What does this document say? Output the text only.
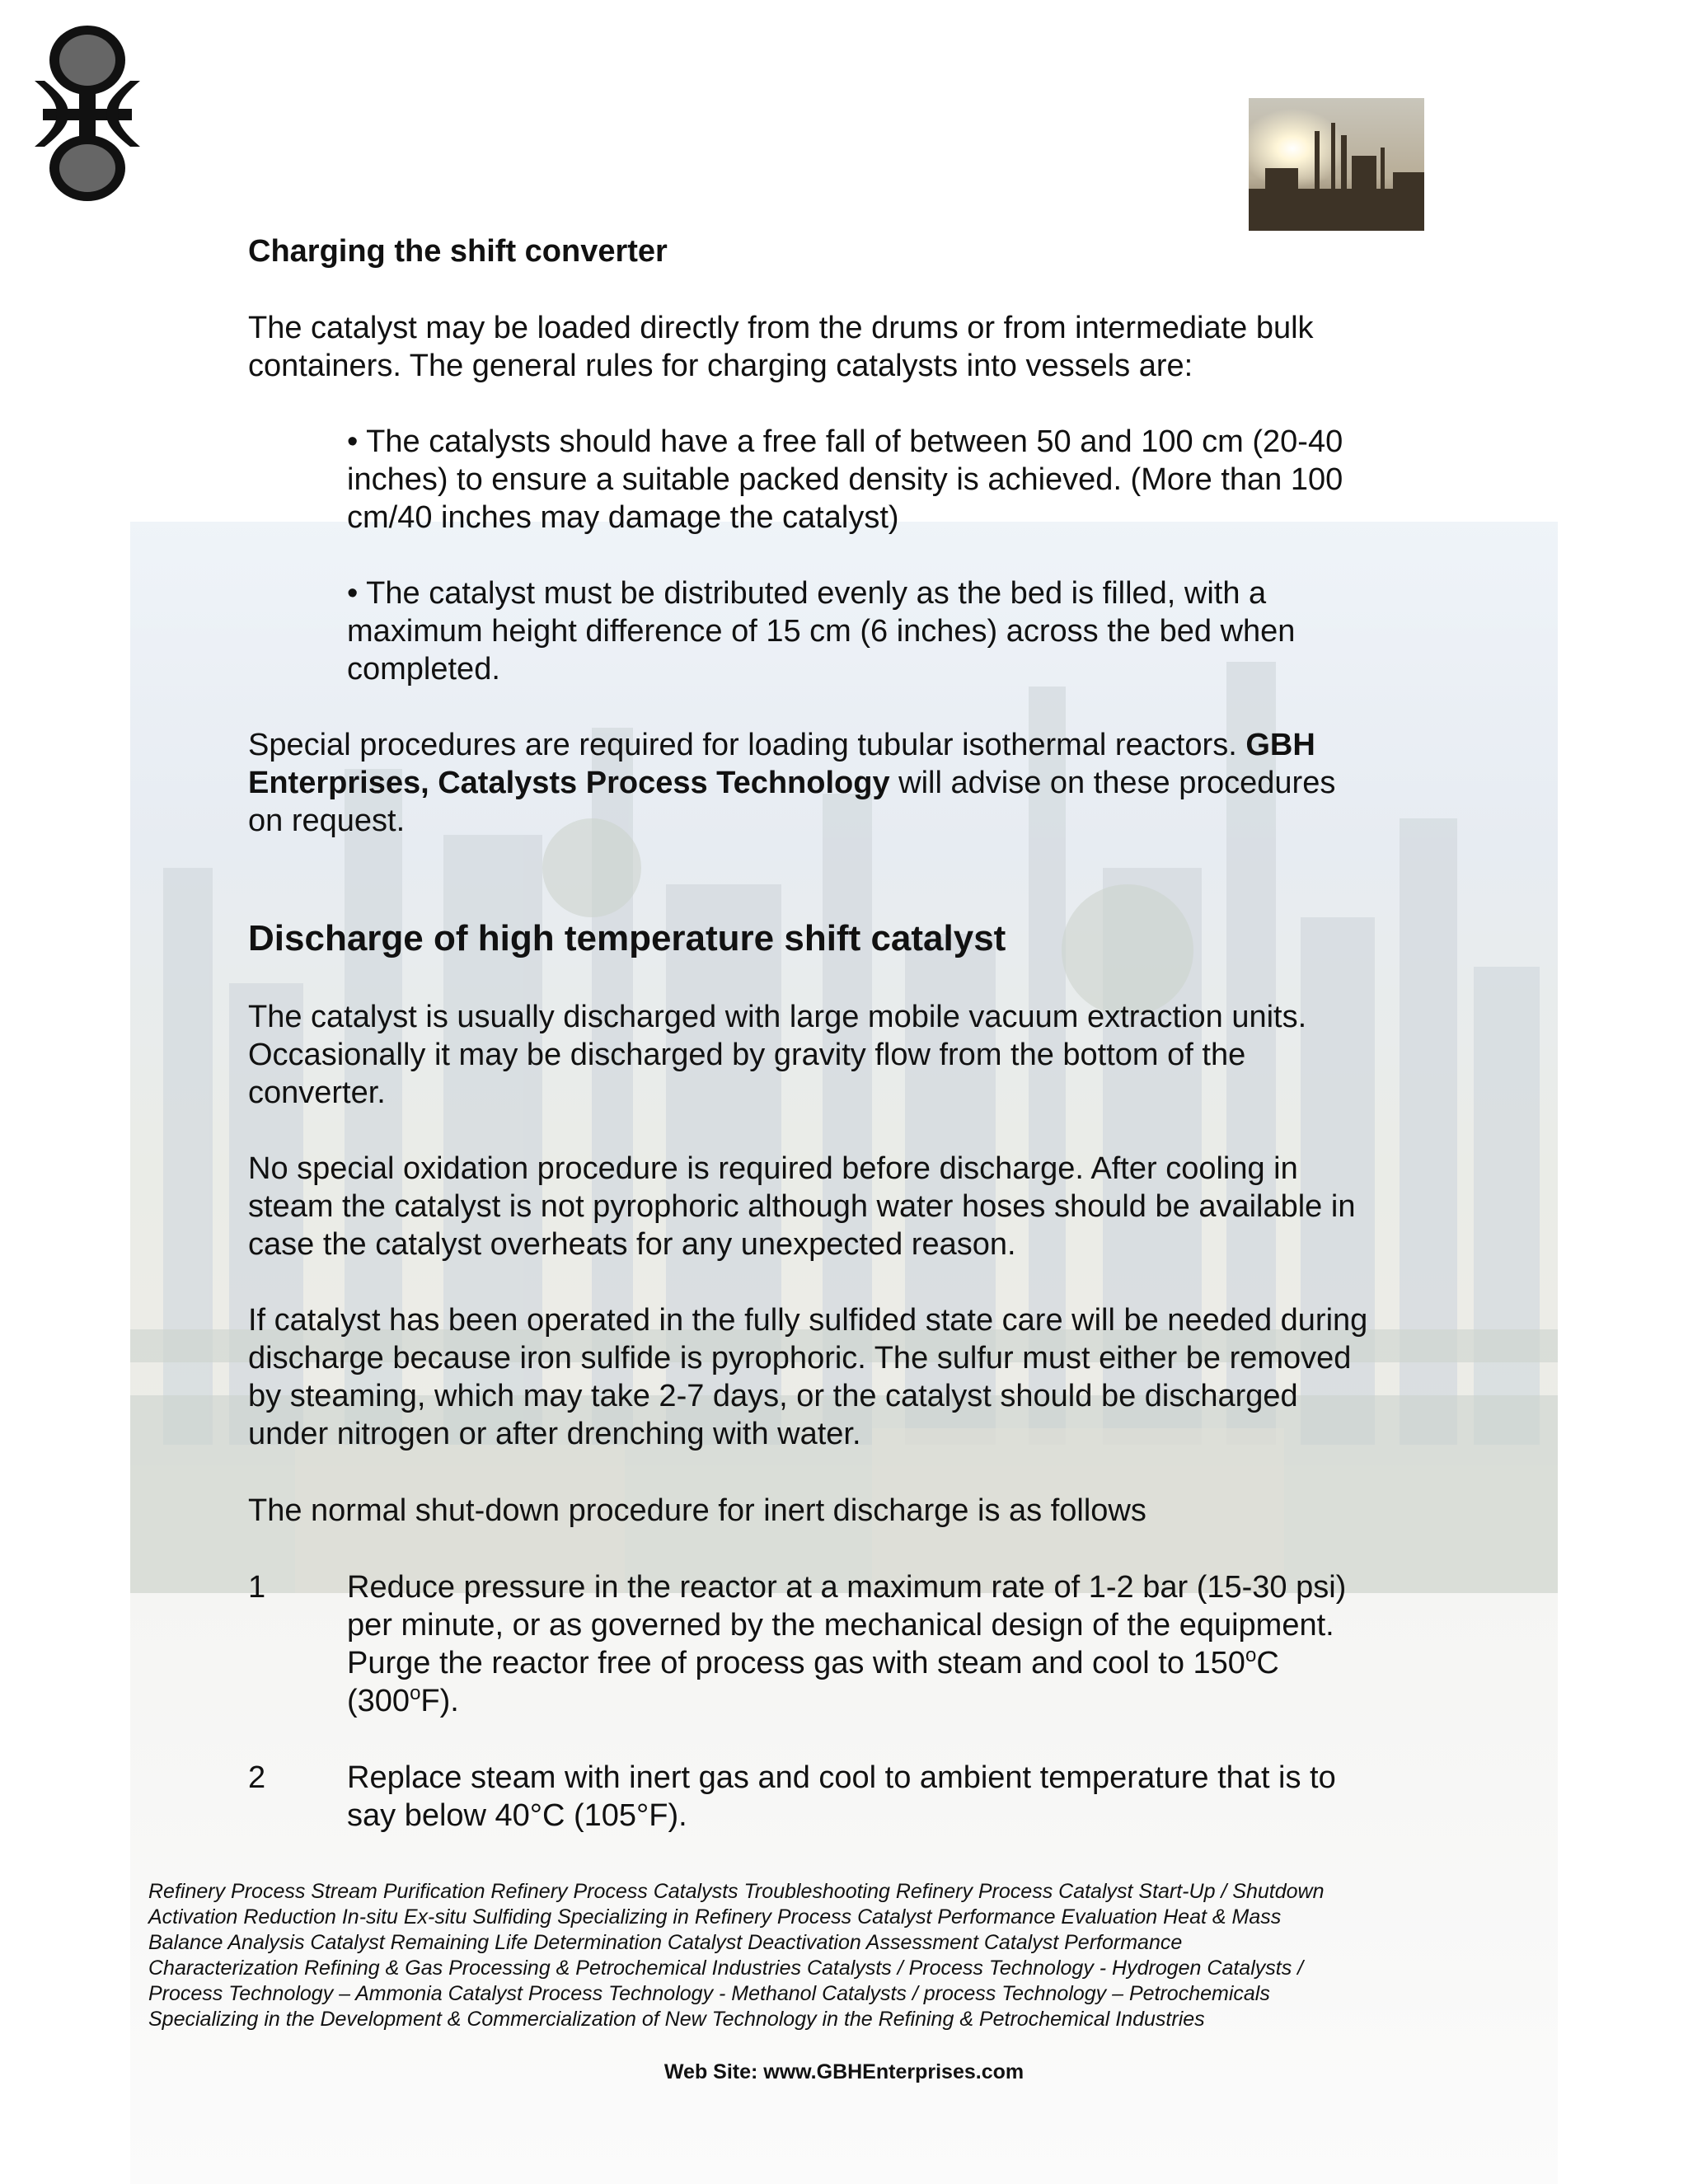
Charging the shift converter
The catalyst may be loaded directly from the drums or from intermediate bulk
containers. The general rules for charging catalysts into vessels are:
• The catalysts should have a free fall of between 50 and 100 cm (20-40
inches) to ensure a suitable packed density is achieved. (More than 100
cm/40 inches may damage the catalyst)
• The catalyst must be distributed evenly as the bed is filled, with a
maximum height difference of 15 cm (6 inches) across the bed when
completed.
Special procedures are required for loading tubular isothermal reactors. GBH
Enterprises, Catalysts Process Technology will advise on these procedures
on request.
Discharge of high temperature shift catalyst
The catalyst is usually discharged with large mobile vacuum extraction units.
Occasionally it may be discharged by gravity flow from the bottom of the
converter.
No special oxidation procedure is required before discharge. After cooling in
steam the catalyst is not pyrophoric although water hoses should be available in
case the catalyst overheats for any unexpected reason.
If catalyst has been operated in the fully sulfided state care will be needed during
discharge because iron sulfide is pyrophoric. The sulfur must either be removed
by steaming, which may take 2-7 days, or the catalyst should be discharged
under nitrogen or after drenching with water.
The normal shut-down procedure for inert discharge is as follows
1	Reduce pressure in the reactor at a maximum rate of 1-2 bar (15-30 psi)
per minute, or as governed by the mechanical design of the equipment.
Purge the reactor free of process gas with steam and cool to 150$^o$C
(300$^o$F).
2	Replace steam with inert gas and cool to ambient temperature that is to
say below 40°C (105°F).
Refinery Process Stream Purification Refinery Process Catalysts Troubleshooting Refinery Process Catalyst Start-Up / Shutdown
Activation Reduction In-situ Ex-situ Sulfiding Specializing in Refinery Process Catalyst Performance Evaluation Heat & Mass
Balance Analysis Catalyst Remaining Life Determination Catalyst Deactivation Assessment Catalyst Performance
Characterization Refining & Gas Processing & Petrochemical Industries Catalysts / Process Technology - Hydrogen Catalysts /
Process Technology – Ammonia Catalyst Process Technology - Methanol Catalysts / process Technology – Petrochemicals
Specializing in the Development & Commercialization of New Technology in the Refining & Petrochemical Industries
Web Site: www.GBHEnterprises.com
